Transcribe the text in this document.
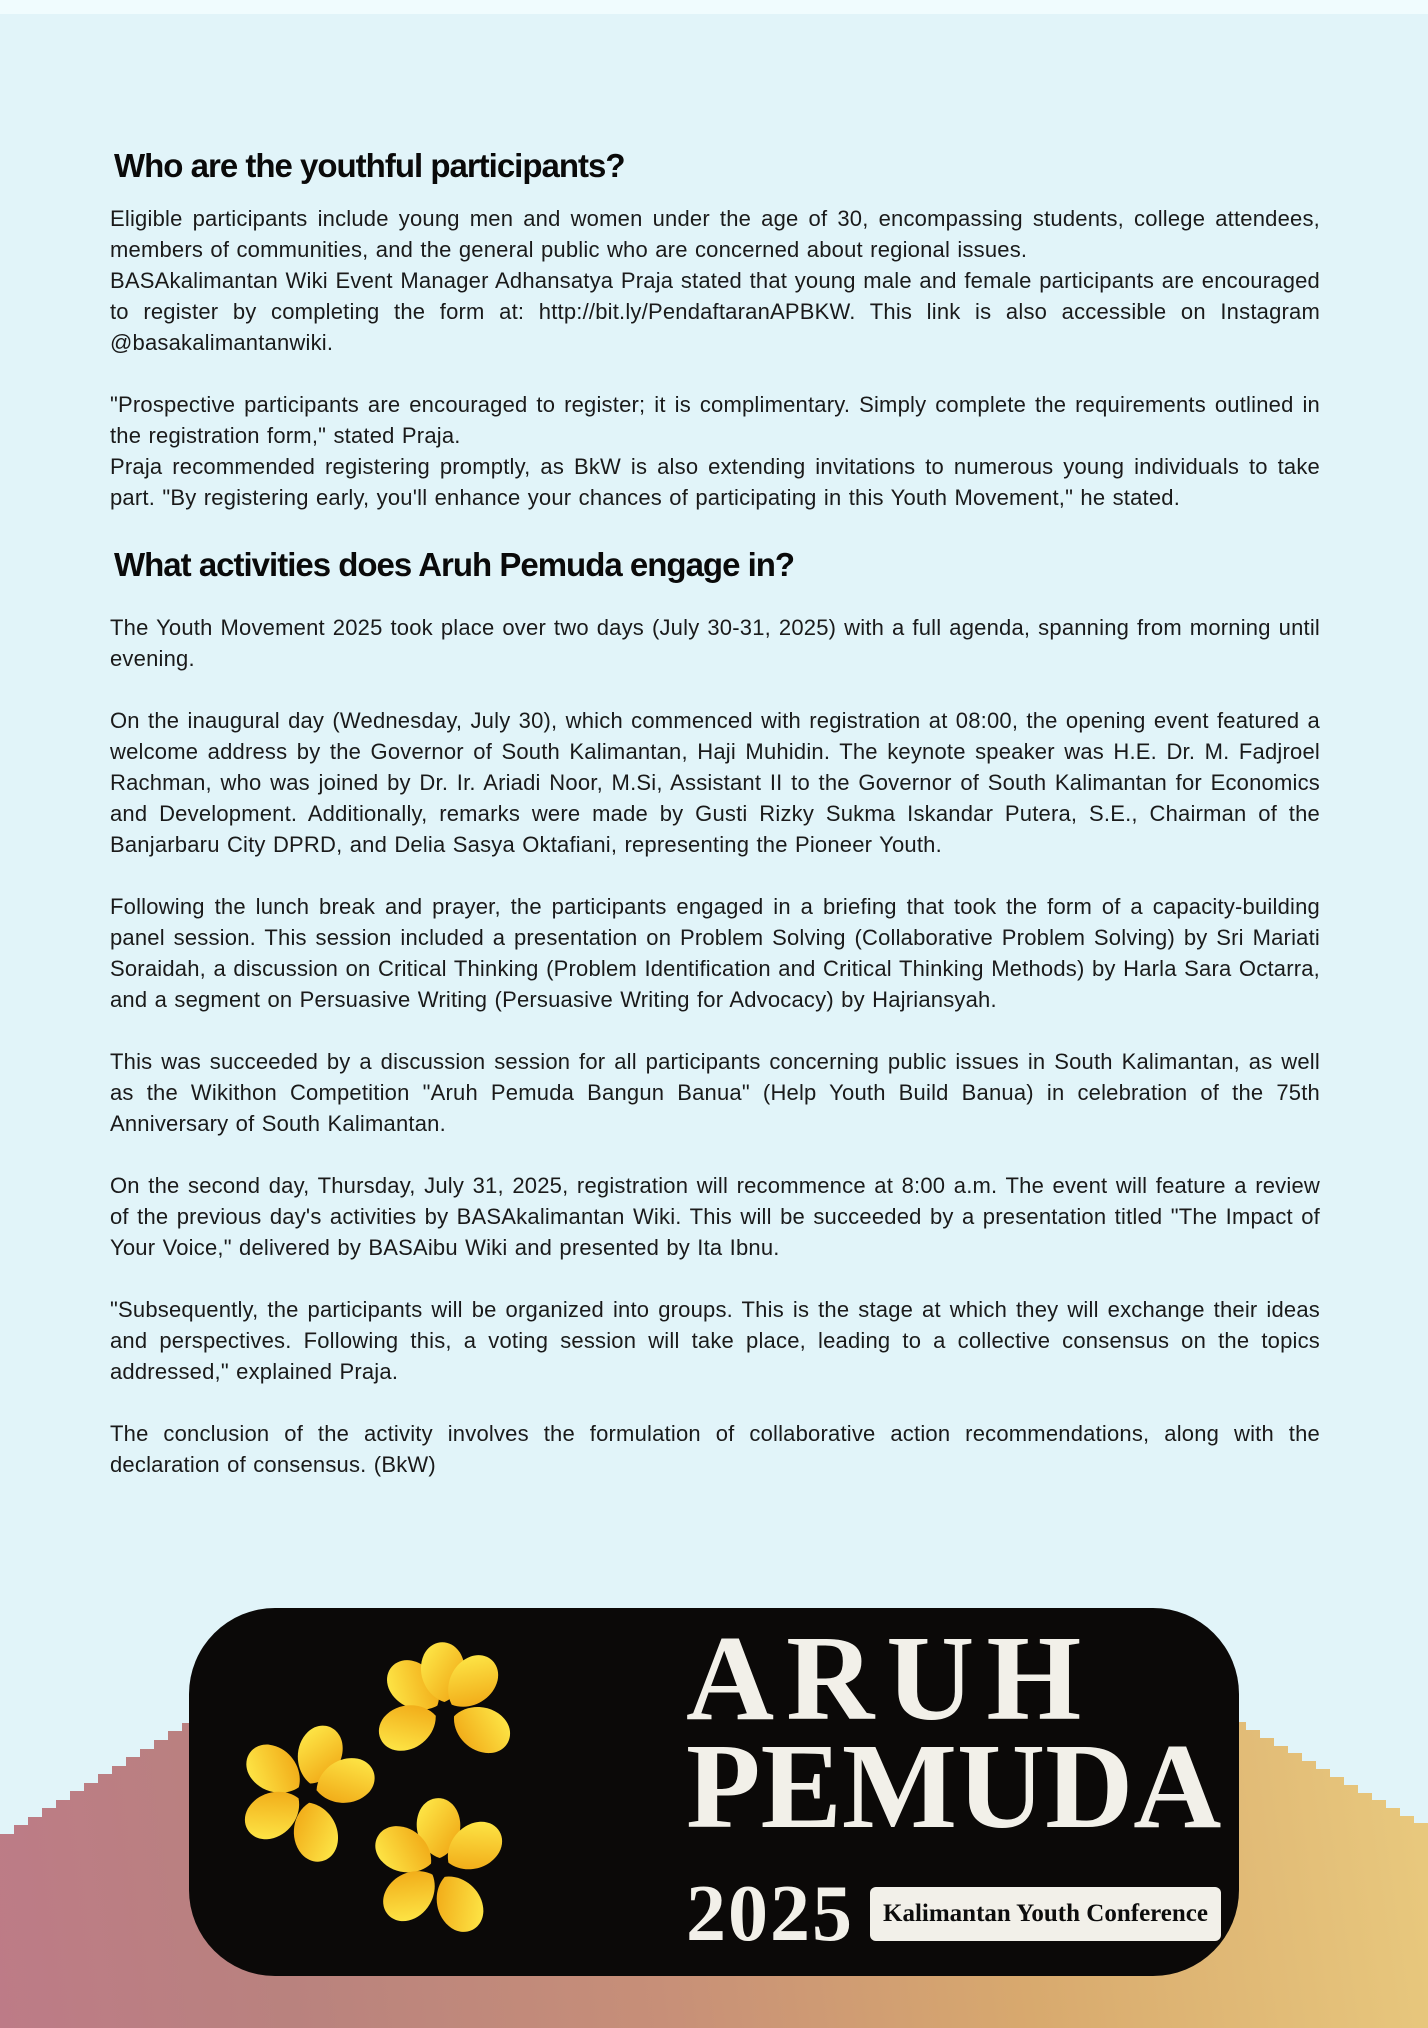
Who are the youthful participants?

Eligible participants include young men and women under the age of 30, encompassing students, college attendees, members of communities, and the general public who are concerned about regional issues.

BASAkalimantan Wiki Event Manager Adhansatya Praja stated that young male and female participants are encouraged to register by completing the form at: http://bit.ly/PendaftaranAPBKW. This link is also accessible on Instagram @basakalimantanwiki.

"Prospective participants are encouraged to register; it is complimentary. Simply complete the requirements outlined in the registration form," stated Praja.

Praja recommended registering promptly, as BkW is also extending invitations to numerous young individuals to take part. "By registering early, you'll enhance your chances of participating in this Youth Movement," he stated.

What activities does Aruh Pemuda engage in?

The Youth Movement 2025 took place over two days (July 30-31, 2025) with a full agenda, spanning from morning until evening.

On the inaugural day (Wednesday, July 30), which commenced with registration at 08:00, the opening event featured a welcome address by the Governor of South Kalimantan, Haji Muhidin. The keynote speaker was H.E. Dr. M. Fadjroel Rachman, who was joined by Dr. Ir. Ariadi Noor, M.Si, Assistant II to the Governor of South Kalimantan for Economics and Development. Additionally, remarks were made by Gusti Rizky Sukma Iskandar Putera, S.E., Chairman of the Banjarbaru City DPRD, and Delia Sasya Oktafiani, representing the Pioneer Youth.

Following the lunch break and prayer, the participants engaged in a briefing that took the form of a capacity-building panel session. This session included a presentation on Problem Solving (Collaborative Problem Solving) by Sri Mariati Soraidah, a discussion on Critical Thinking (Problem Identification and Critical Thinking Methods) by Harla Sara Octarra, and a segment on Persuasive Writing (Persuasive Writing for Advocacy) by Hajriansyah.

This was succeeded by a discussion session for all participants concerning public issues in South Kalimantan, as well as the Wikithon Competition "Aruh Pemuda Bangun Banua" (Help Youth Build Banua) in celebration of the 75th Anniversary of South Kalimantan.

On the second day, Thursday, July 31, 2025, registration will recommence at 8:00 a.m. The event will feature a review of the previous day's activities by BASAkalimantan Wiki. This will be succeeded by a presentation titled "The Impact of Your Voice," delivered by BASAibu Wiki and presented by Ita Ibnu.

"Subsequently, the participants will be organized into groups. This is the stage at which they will exchange their ideas and perspectives. Following this, a voting session will take place, leading to a collective consensus on the topics addressed," explained Praja.

The conclusion of the activity involves the formulation of collaborative action recommendations, along with the declaration of consensus. (BkW)

ARUH
PEMUDA
2025	Kalimantan Youth Conference
